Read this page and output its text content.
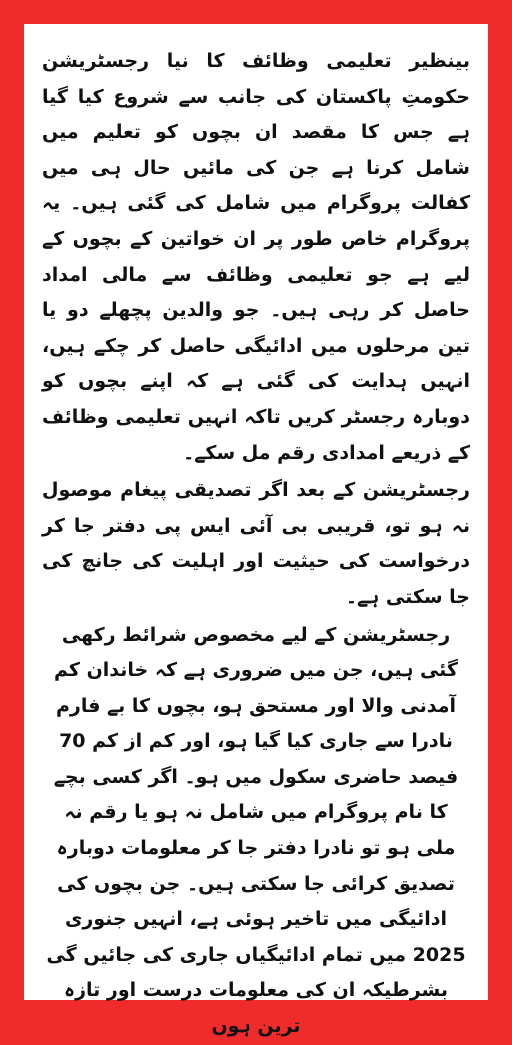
بینظیر تعلیمی وظائف کا نیا رجسٹریشن حکومتِ پاکستان کی جانب سے شروع کیا گیا ہے جس کا مقصد ان بچوں کو تعلیم میں شامل کرنا ہے جن کی مائیں حال ہی میں کفالت پروگرام میں شامل کی گئی ہیں۔ یہ پروگرام خاص طور پر ان خواتین کے بچوں کے لیے ہے جو تعلیمی وظائف سے مالی امداد حاصل کر رہی ہیں۔ جو والدین پچھلے دو یا تین مرحلوں میں ادائیگی حاصل کر چکے ہیں، انہیں ہدایت کی گئی ہے کہ اپنے بچوں کو دوبارہ رجسٹر کریں تاکہ انہیں تعلیمی وظائف کے ذریعے امدادی رقم مل سکے۔

رجسٹریشن کے بعد اگر تصدیقی پیغام موصول نہ ہو تو، قریبی بی آئی ایس پی دفتر جا کر درخواست کی حیثیت اور اہلیت کی جانچ کی جا سکتی ہے۔

رجسٹریشن کے لیے مخصوص شرائط رکھی گئی ہیں، جن میں ضروری ہے کہ خاندان کم آمدنی والا اور مستحق ہو، بچوں کا بے فارم نادرا سے جاری کیا گیا ہو، اور کم از کم 70 فیصد حاضری سکول میں ہو۔ اگر کسی بچے کا نام پروگرام میں شامل نہ ہو یا رقم نہ ملی ہو تو نادرا دفتر جا کر معلومات دوبارہ تصدیق کرائی جا سکتی ہیں۔ جن بچوں کی ادائیگی میں تاخیر ہوئی ہے، انہیں جنوری 2025 میں تمام ادائیگیاں جاری کی جائیں گی بشرطیکہ ان کی معلومات درست اور تازہ ترین ہوں
